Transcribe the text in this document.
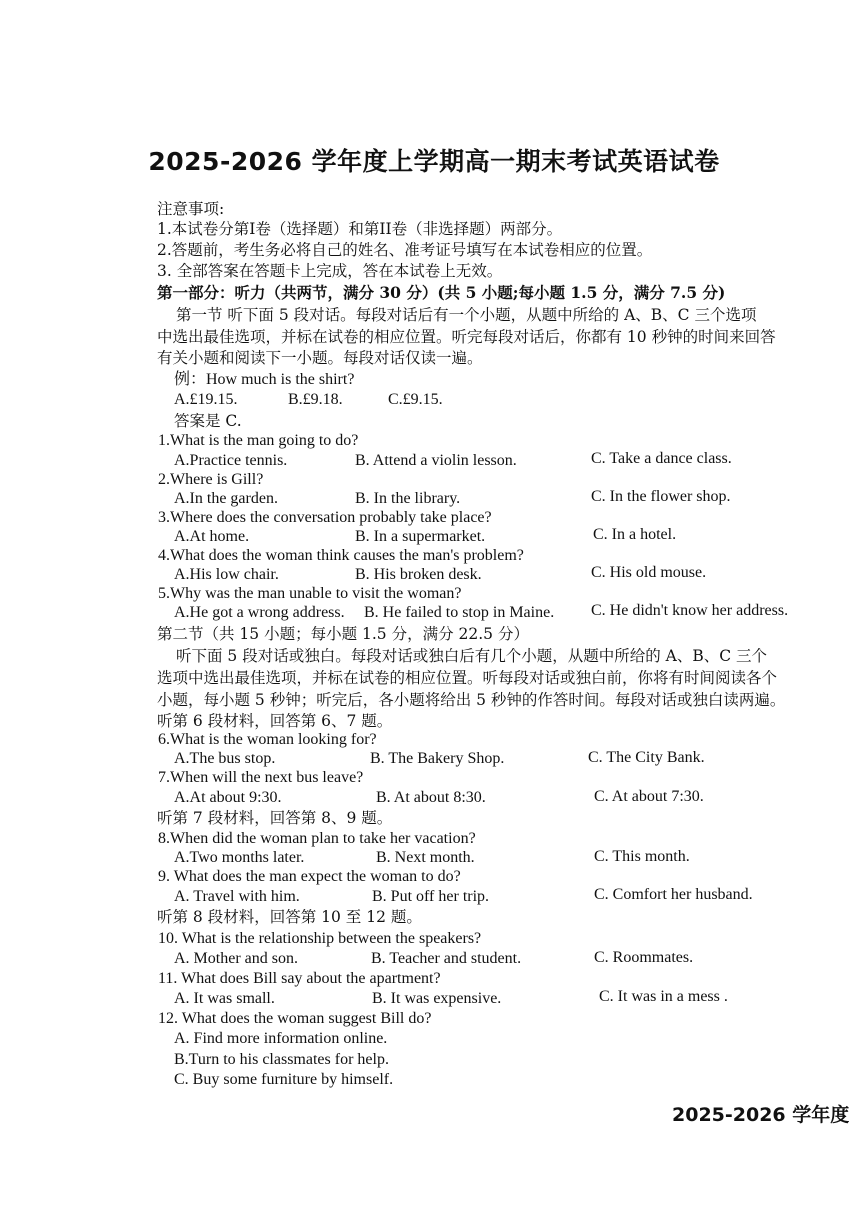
2025-2026 学年度上学期高一期末考试英语试卷
注意事项:
1.本试卷分第I卷（选择题）和第II卷（非选择题）两部分。
2.答题前，考生务必将自己的姓名、准考证号填写在本试卷相应的位置。
3. 全部答案在答题卡上完成，答在本试卷上无效。
第一部分：听力（共两节，满分 30 分）(共 5 小题;每小题 1.5 分，满分 7.5 分)
第一节 听下面 5 段对话。每段对话后有一个小题，从题中所给的 A、B、C 三个选项
中选出最佳选项，并标在试卷的相应位置。听完每段对话后，你都有 10 秒钟的时间来回答
有关小题和阅读下一小题。每段对话仅读一遍。
例：How much is the shirt?
A.£19.15.	B.£9.18.	C.£9.15.
答案是 C.
1.What is the man going to do?
A.Practice tennis.	B. Attend a violin lesson.	C. Take a dance class.
2.Where is Gill?
A.In the garden.	B. In the library.	C. In the flower shop.
3.Where does the conversation probably take place?
A.At home.	B. In a supermarket.	C. In a hotel.
4.What does the woman think causes the man's problem?
A.His low chair.	B. His broken desk.	C. His old mouse.
5.Why was the man unable to visit the woman?
A.He got a wrong address. B. He failed to stop in Maine. C. He didn't know her address.
第二节（共 15 小题；每小题 1.5 分，满分 22.5 分）
听下面 5 段对话或独白。每段对话或独白后有几个小题，从题中所给的 A、B、C 三个
选项中选出最佳选项，并标在试卷的相应位置。听每段对话或独白前，你将有时间阅读各个
小题，每小题 5 秒钟；听完后，各小题将给出 5 秒钟的作答时间。每段对话或独白读两遍。
听第 6 段材料，回答第 6、7 题。
6.What is the woman looking for?
A.The bus stop.	B. The Bakery Shop.	C. The City Bank.
7.When will the next bus leave?
A.At about 9:30.	B. At about 8:30.	C. At about 7:30.
听第 7 段材料，回答第 8、9 题。
8.When did the woman plan to take her vacation?
A.Two months later.	B. Next month.	C. This month.
9. What does the man expect the woman to do?
A. Travel with him.	B. Put off her trip.	C. Comfort her husband.
听第 8 段材料，回答第 10 至 12 题。
10. What is the relationship between the speakers?
A. Mother and son.	B. Teacher and student.	C. Roommates.
11. What does Bill say about the apartment?
A. It was small.	B. It was expensive.	C. It was in a mess .
12. What does the woman suggest Bill do?
A. Find more information online.
B.Turn to his classmates for help.
C. Buy some furniture by himself.
2025-2026 学年度
